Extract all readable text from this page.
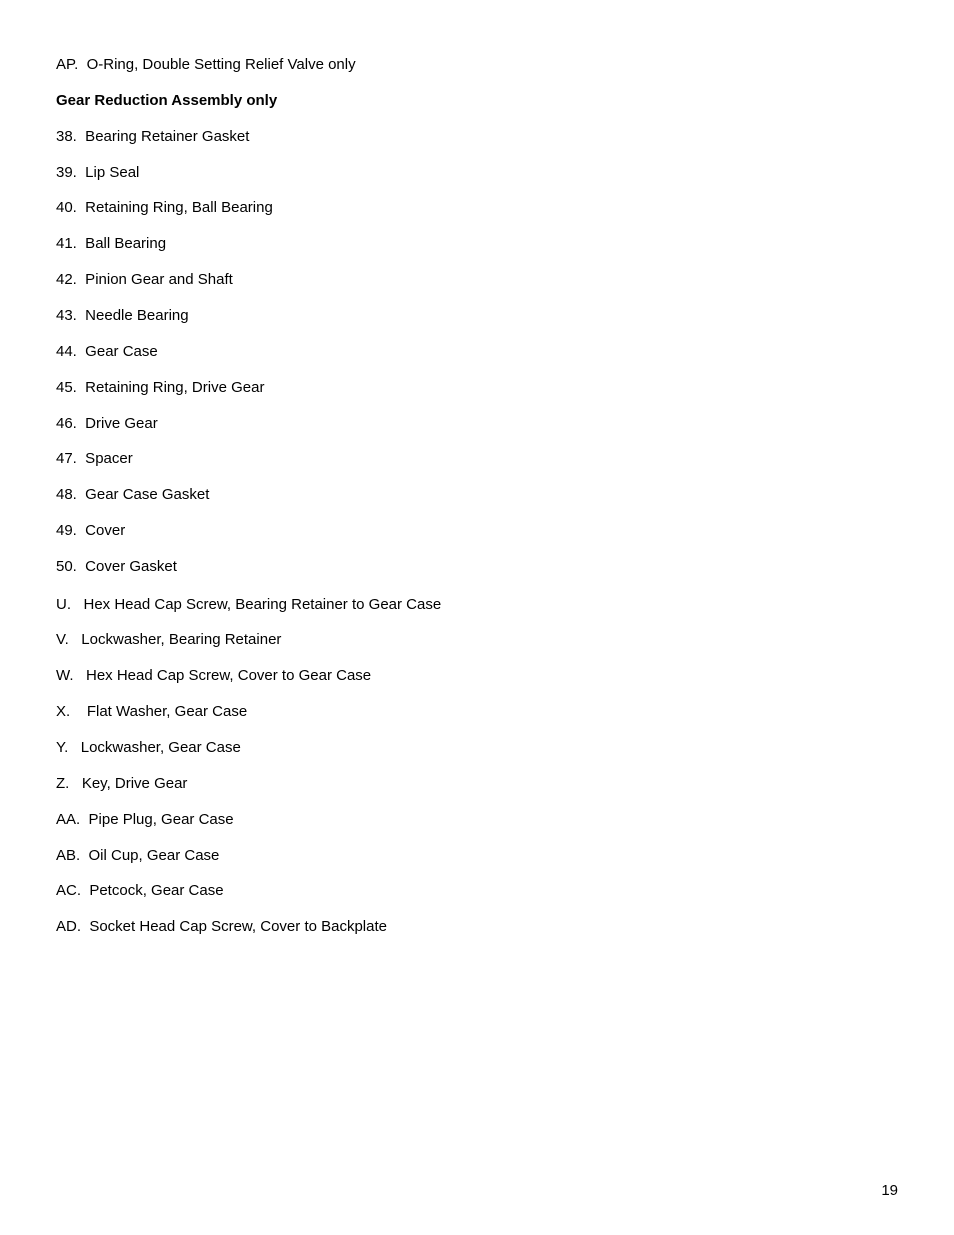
AP.  O-Ring, Double Setting Relief Valve only
Gear Reduction Assembly only
38.  Bearing Retainer Gasket
39.  Lip Seal
40.  Retaining Ring, Ball Bearing
41.  Ball Bearing
42.  Pinion Gear and Shaft
43.  Needle Bearing
44.  Gear Case
45.  Retaining Ring, Drive Gear
46.  Drive Gear
47.  Spacer
48.  Gear Case Gasket
49.  Cover
50.  Cover Gasket
U.   Hex Head Cap Screw, Bearing Retainer to Gear Case
V.   Lockwasher, Bearing Retainer
W.   Hex Head Cap Screw, Cover to Gear Case
X.    Flat Washer, Gear Case
Y.   Lockwasher, Gear Case
Z.   Key, Drive Gear
AA.  Pipe Plug, Gear Case
AB.  Oil Cup, Gear Case
AC.  Petcock, Gear Case
AD.  Socket Head Cap Screw, Cover to Backplate
19
